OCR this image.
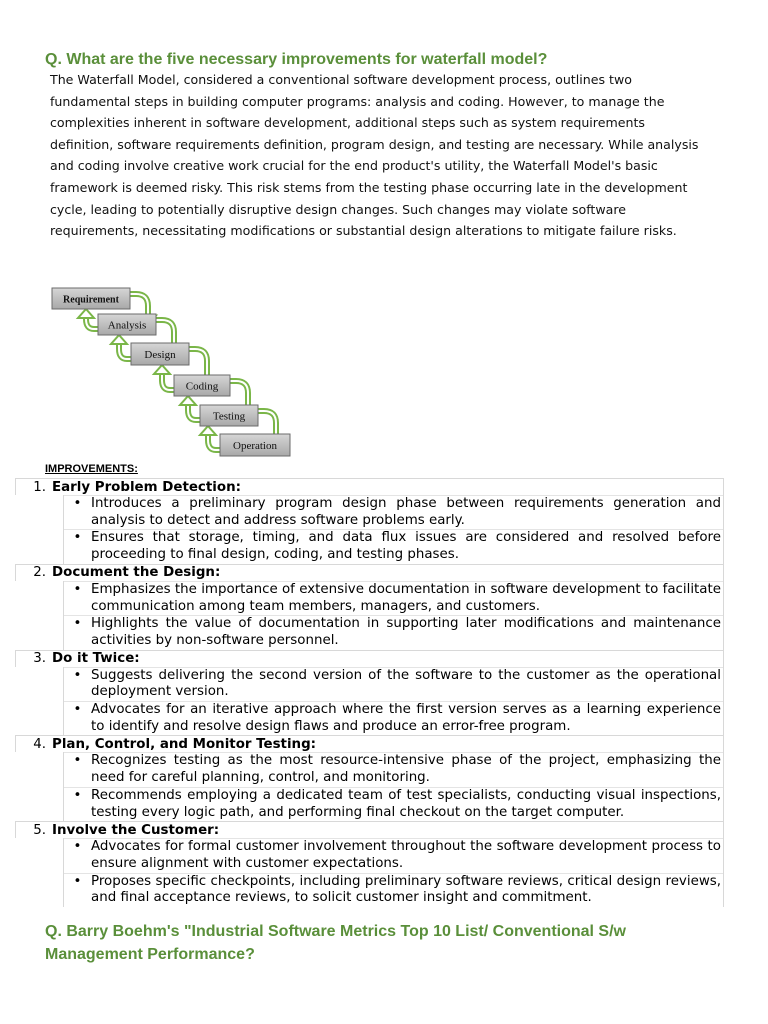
Q. What are the five necessary improvements for waterfall model?

The Waterfall Model, considered a conventional software development process, outlines two fundamental steps in building computer programs: analysis and coding. However, to manage the complexities inherent in software development, additional steps such as system requirements definition, software requirements definition, program design, and testing are necessary. While analysis and coding involve creative work crucial for the end product's utility, the Waterfall Model's basic framework is deemed risky. This risk stems from the testing phase occurring late in the development cycle, leading to potentially disruptive design changes. Such changes may violate software requirements, necessitating modifications or substantial design alterations to mitigate failure risks.

Requirement
Analysis
Design
Coding
Testing
Operation
IMPROVEMENTS:
1. Early Problem Detection:
• Introduces a preliminary program design phase between requirements generation and analysis to detect and address software problems early.
• Ensures that storage, timing, and data flux issues are considered and resolved before proceeding to final design, coding, and testing phases.
2. Document the Design:
• Emphasizes the importance of extensive documentation in software development to facilitate communication among team members, managers, and customers.
• Highlights the value of documentation in supporting later modifications and maintenance activities by non-software personnel.
3. Do it Twice:
• Suggests delivering the second version of the software to the customer as the operational deployment version.
• Advocates for an iterative approach where the first version serves as a learning experience to identify and resolve design flaws and produce an error-free program.
4. Plan, Control, and Monitor Testing:
• Recognizes testing as the most resource-intensive phase of the project, emphasizing the need for careful planning, control, and monitoring.
• Recommends employing a dedicated team of test specialists, conducting visual inspections, testing every logic path, and performing final checkout on the target computer.
5. Involve the Customer:
• Advocates for formal customer involvement throughout the software development process to ensure alignment with customer expectations.
• Proposes specific checkpoints, including preliminary software reviews, critical design reviews, and final acceptance reviews, to solicit customer insight and commitment.
Q. Barry Boehm's "Industrial Software Metrics Top 10 List/ Conventional S/w Management Performance?
